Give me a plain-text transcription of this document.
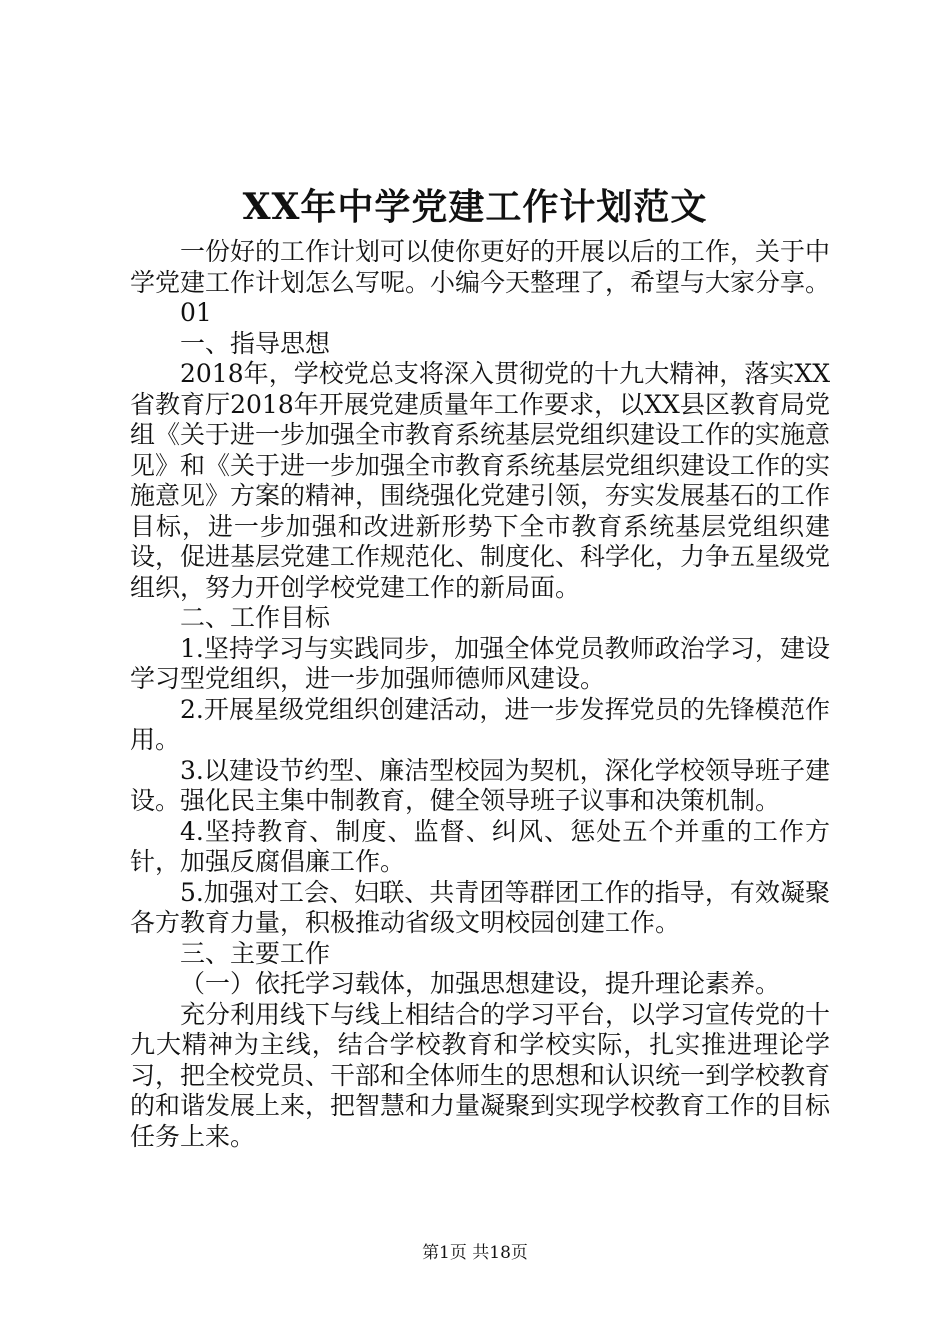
XX年中学党建工作计划范文

一份好的工作计划可以使你更好的开展以后的工作，关于中学党建工作计划怎么写呢。小编今天整理了，希望与大家分享。

01

一、指导思想

2018年，学校党总支将深入贯彻党的十九大精神，落实XX省教育厅2018年开展党建质量年工作要求，以XX县区教育局党组《关于进一步加强全市教育系统基层党组织建设工作的实施意见》和《关于进一步加强全市教育系统基层党组织建设工作的实施意见》方案的精神，围绕强化党建引领，夯实发展基石的工作目标，进一步加强和改进新形势下全市教育系统基层党组织建设，促进基层党建工作规范化、制度化、科学化，力争五星级党组织，努力开创学校党建工作的新局面。

二、工作目标

1.坚持学习与实践同步，加强全体党员教师政治学习，建设学习型党组织，进一步加强师德师风建设。

2.开展星级党组织创建活动，进一步发挥党员的先锋模范作用。

3.以建设节约型、廉洁型校园为契机，深化学校领导班子建设。强化民主集中制教育，健全领导班子议事和决策机制。

4.坚持教育、制度、监督、纠风、惩处五个并重的工作方针，加强反腐倡廉工作。

5.加强对工会、妇联、共青团等群团工作的指导，有效凝聚各方教育力量，积极推动省级文明校园创建工作。

三、主要工作

（一）依托学习载体，加强思想建设，提升理论素养。

充分利用线下与线上相结合的学习平台，以学习宣传党的十九大精神为主线，结合学校教育和学校实际，扎实推进理论学习，把全校党员、干部和全体师生的思想和认识统一到学校教育的和谐发展上来，把智慧和力量凝聚到实现学校教育工作的目标任务上来。

第1页 共18页
